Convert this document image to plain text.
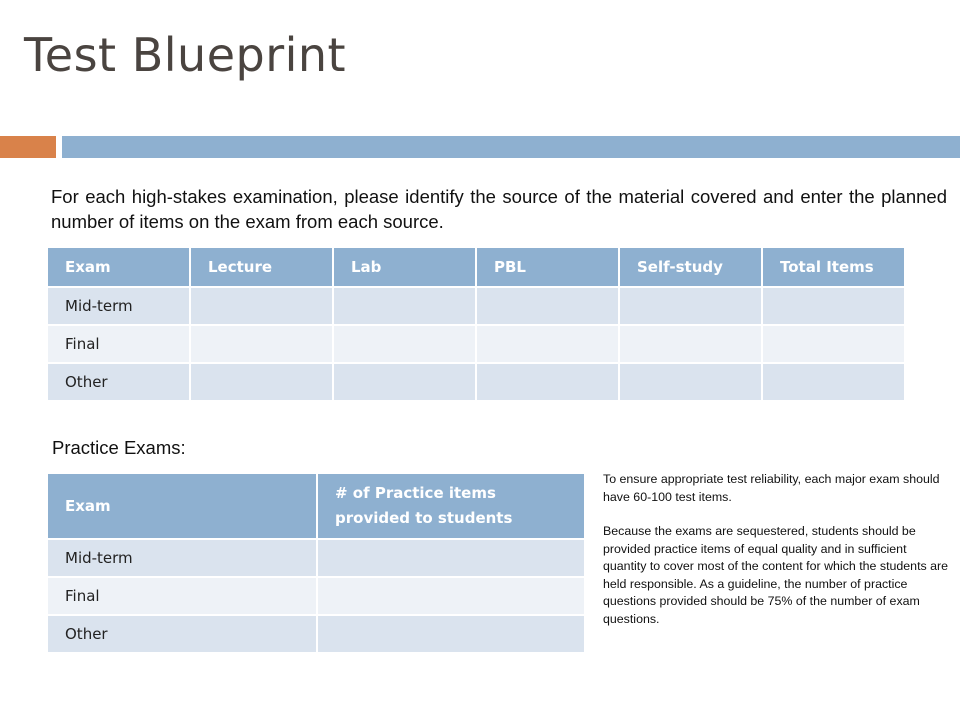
Test Blueprint
For each high-stakes examination, please identify the source of the material covered and enter the planned number of items on the exam from each source.
Exam	Lecture	Lab	PBL	Self-study	Total Items
Mid-term					
Final					
Other					
Practice Exams:
Exam	# of Practice items provided to students
Mid-term	
Final	
Other	

To ensure appropriate test reliability, each major exam should have 60-100 test items.

Because the exams are sequestered, students should be provided practice items of equal quality and in sufficient quantity to cover most of the content for which the students are held responsible. As a guideline, the number of practice questions provided should be 75% of the number of exam questions.
